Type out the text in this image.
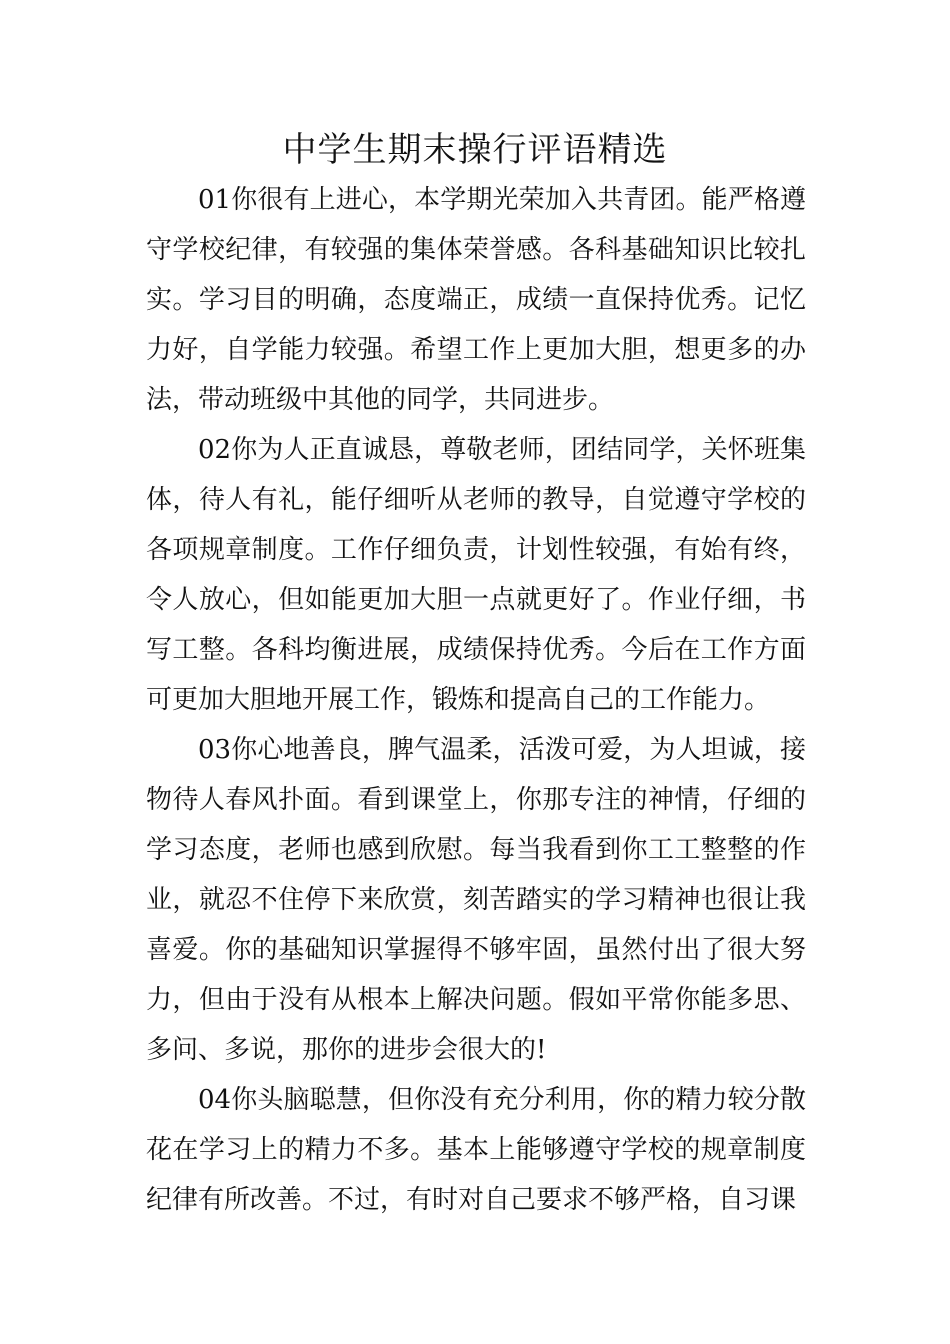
中学生期末操行评语精选

01你很有上进心，本学期光荣加入共青团。能严格遵守学校纪律，有较强的集体荣誉感。各科基础知识比较扎实。学习目的明确，态度端正，成绩一直保持优秀。记忆力好，自学能力较强。希望工作上更加大胆，想更多的办法，带动班级中其他的同学，共同进步。

02你为人正直诚恳，尊敬老师，团结同学，关怀班集体，待人有礼，能仔细听从老师的教导，自觉遵守学校的各项规章制度。工作仔细负责，计划性较强，有始有终，令人放心，但如能更加大胆一点就更好了。作业仔细，书写工整。各科均衡进展，成绩保持优秀。今后在工作方面可更加大胆地开展工作，锻炼和提高自己的工作能力。

03你心地善良，脾气温柔，活泼可爱，为人坦诚，接物待人春风扑面。看到课堂上，你那专注的神情，仔细的学习态度，老师也感到欣慰。每当我看到你工工整整的作业，就忍不住停下来欣赏，刻苦踏实的学习精神也很让我喜爱。你的基础知识掌握得不够牢固，虽然付出了很大努力，但由于没有从根本上解决问题。假如平常你能多思、多问、多说，那你的进步会很大的!

04你头脑聪慧，但你没有充分利用，你的精力较分散花在学习上的精力不多。基本上能够遵守学校的规章制度纪律有所改善。不过，有时对自己要求不够严格，自习课
